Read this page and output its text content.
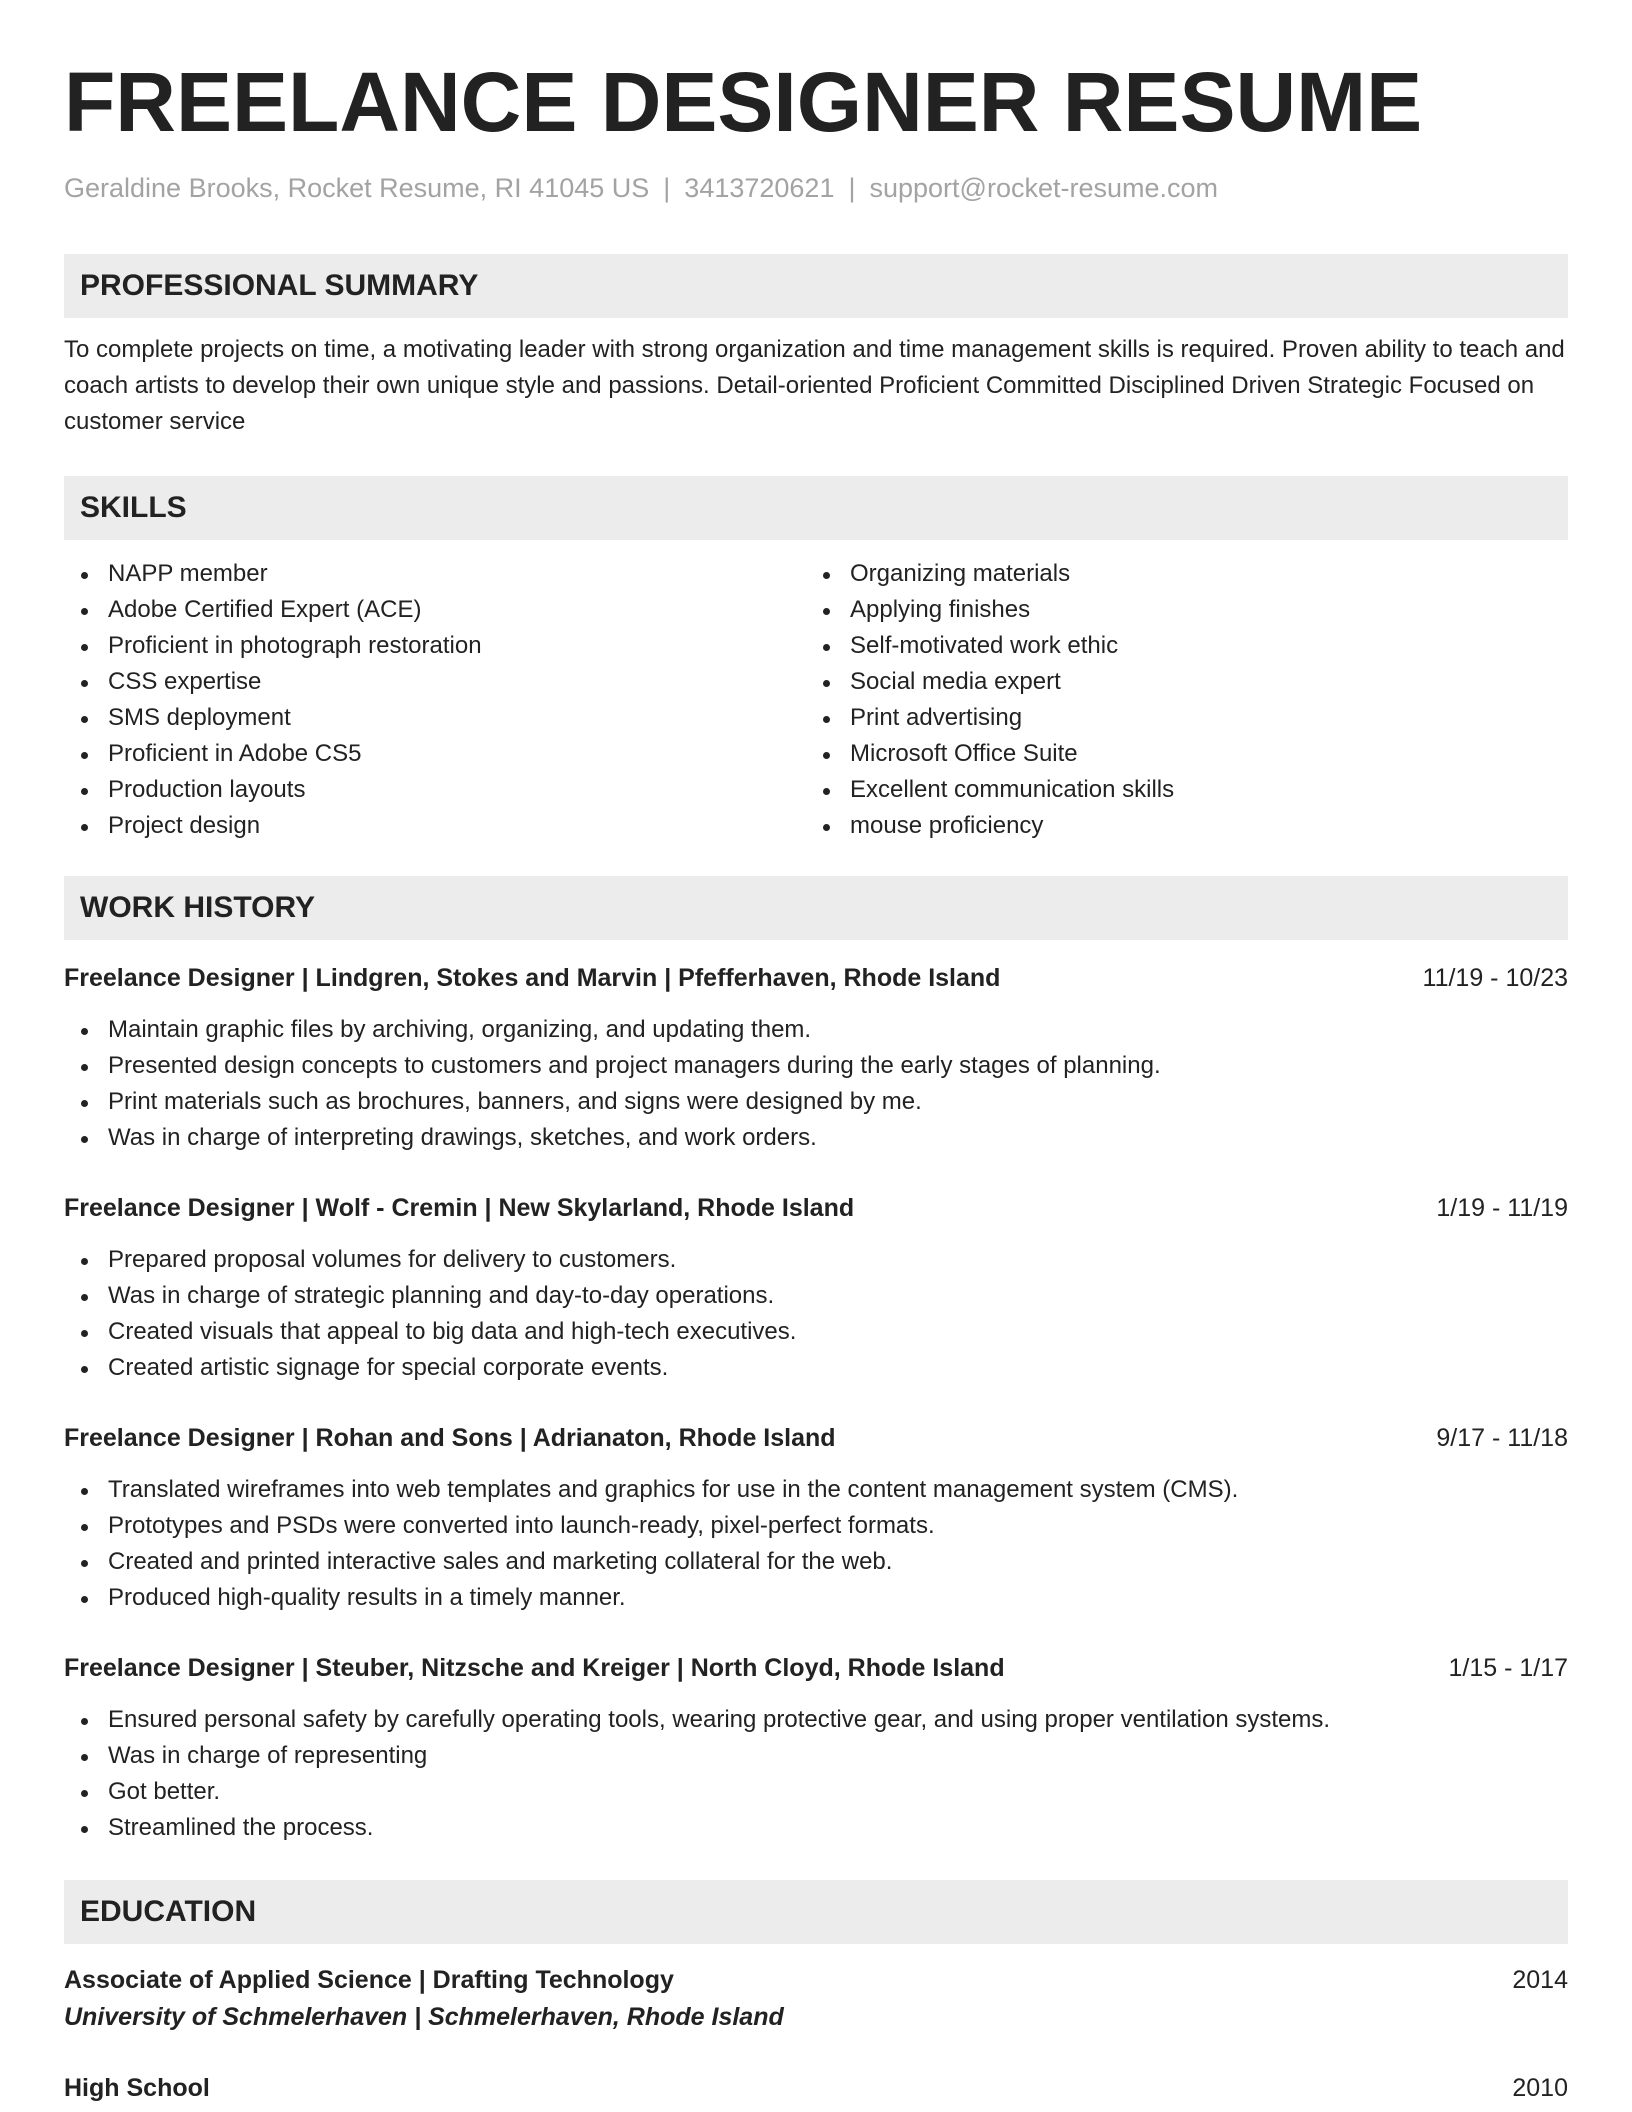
FREELANCE DESIGNER RESUME
Geraldine Brooks, Rocket Resume, RI 41045 US | 3413720621 | support@rocket-resume.com
PROFESSIONAL SUMMARY

To complete projects on time, a motivating leader with strong organization and time management skills is required. Proven ability to teach and coach artists to develop their own unique style and passions. Detail-oriented Proficient Committed Disciplined Driven Strategic Focused on customer service

SKILLS
NAPP member
Adobe Certified Expert (ACE)
Proficient in photograph restoration
CSS expertise
SMS deployment
Proficient in Adobe CS5
Production layouts
Project design
Organizing materials
Applying finishes
Self-motivated work ethic
Social media expert
Print advertising
Microsoft Office Suite
Excellent communication skills
mouse proficiency
WORK HISTORY
Freelance Designer | Lindgren, Stokes and Marvin | Pfefferhaven, Rhode Island	11/19 - 10/23
Maintain graphic files by archiving, organizing, and updating them.
Presented design concepts to customers and project managers during the early stages of planning.
Print materials such as brochures, banners, and signs were designed by me.
Was in charge of interpreting drawings, sketches, and work orders.
Freelance Designer | Wolf - Cremin | New Skylarland, Rhode Island	1/19 - 11/19
Prepared proposal volumes for delivery to customers.
Was in charge of strategic planning and day-to-day operations.
Created visuals that appeal to big data and high-tech executives.
Created artistic signage for special corporate events.
Freelance Designer | Rohan and Sons | Adrianaton, Rhode Island	9/17 - 11/18
Translated wireframes into web templates and graphics for use in the content management system (CMS).
Prototypes and PSDs were converted into launch-ready, pixel-perfect formats.
Created and printed interactive sales and marketing collateral for the web.
Produced high-quality results in a timely manner.
Freelance Designer | Steuber, Nitzsche and Kreiger | North Cloyd, Rhode Island	1/15 - 1/17
Ensured personal safety by carefully operating tools, wearing protective gear, and using proper ventilation systems.
Was in charge of representing
Got better.
Streamlined the process.
EDUCATION
Associate of Applied Science | Drafting Technology	2014
University of Schmelerhaven | Schmelerhaven, Rhode Island
High School	2010
